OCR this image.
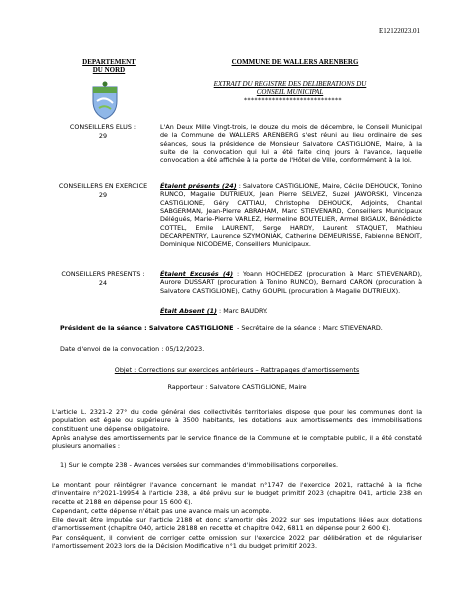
E12122023.01
DEPARTEMENT
DU NORD
COMMUNE DE WALLERS ARENBERG
EXTRAIT DU REGISTRE DES DELIBERATIONS DU
CONSEIL MUNICIPAL
****************************
CONSEILLERS ELUS :
29
L'An Deux Mille Vingt-trois, le douze du mois de décembre, le Conseil Municipal de la Commune de WALLERS ARENBERG s'est réuni au lieu ordinaire de ses séances, sous la présidence de Monsieur Salvatore CASTIGLIONE, Maire, à la suite de la convocation qui lui a été faite cinq jours à l'avance, laquelle convocation a été affichée à la porte de l'Hôtel de Ville, conformément à la loi.
CONSEILLERS EN EXERCICE
29
Étaient présents (24) : Salvatore CASTIGLIONE, Maire, Cécile DEHOUCK, Tonino RUNCO, Magalie DUTRIEUX, Jean Pierre SELVEZ, Suzel JAWORSKI, Vincenza CASTIGLIONE, Géry CATTIAU, Christophe DEHOUCK, Adjoints, Chantal SABGERMAN, Jean-Pierre ABRAHAM, Marc STIEVENARD, Conseillers Municipaux Délégués, Marie-Pierre VARLEZ, Hermeline BOUTELIER, Armel BIGAUX, Bénédicte COTTEL, Emile LAURENT, Serge HARDY, Laurent STAQUET, Mathieu DECARPENTRY, Laurence SZYMONIAK, Catherine DEMEURISSE, Fabienne BENOIT, Dominique NICODEME, Conseillers Municipaux.
CONSEILLERS PRESENTS :
24
Étaient Excusés (4) : Yoann HOCHEDEZ (procuration à Marc STIEVENARD), Aurore DUSSART (procuration à Tonino RUNCO), Bernard CARON (procuration à Salvatore CASTIGLIONE), Cathy GOUPIL (procuration à Magalie DUTRIEUX).
Était Absent (1) : Marc BAUDRY.
Président de la séance : Salvatore CASTIGLIONE - Secrétaire de la séance : Marc STIEVENARD.
Date d'envoi de la convocation : 05/12/2023.
Objet : Corrections sur exercices antérieurs – Rattrapages d'amortissements
Rapporteur : Salvatore CASTIGLIONE, Maire
L'article L. 2321-2 27° du code général des collectivités territoriales dispose que pour les communes dont la population est égale ou supérieure à 3500 habitants, les dotations aux amortissements des immobilisations constituent une dépense obligatoire.
Après analyse des amortissements par le service finance de la Commune et le comptable public, il a été constaté plusieurs anomalies :
1) Sur le compte 238 - Avances versées sur commandes d'immobilisations corporelles.
Le montant pour réintégrer l'avance concernant le mandat n°1747 de l'exercice 2021, rattaché à la fiche d'inventaire n°2021-19954 à l'article 238, a été prévu sur le budget primitif 2023 (chapitre 041, article 238 en recette et 2188 en dépense pour 15 600 €).
Cependant, cette dépense n'était pas une avance mais un acompte.
Elle devait être imputée sur l'article 2188 et donc s'amortir dès 2022 sur ses imputations liées aux dotations d'amortissement (chapitre 040, article 28188 en recette et chapitre 042, 6811 en dépense pour 2 600 €).
Par conséquent, il convient de corriger cette omission sur l'exercice 2022 par délibération et de régulariser l'amortissement 2023 lors de la Décision Modificative n°1 du budget primitif 2023.
